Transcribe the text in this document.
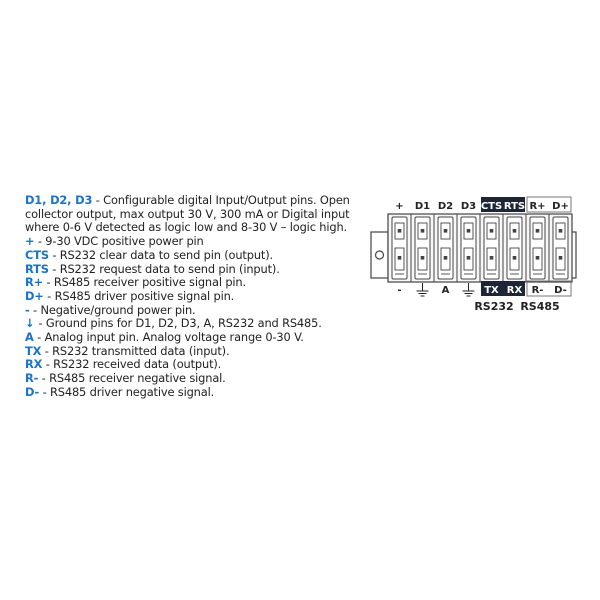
D1, D2, D3 - Configurable digital Input/Output pins. Open collector output, max output 30 V, 300 mA or Digital input where 0-6 V detected as logic low and 8-30 V – logic high.
+ - 9-30 VDC positive power pin
CTS - RS232 clear data to send pin (output).
RTS - RS232 request data to send pin (input).
R+ - RS485 receiver positive signal pin.
D+ - RS485 driver positive signal pin.
- - Negative/ground power pin.
↓ - Ground pins for D1, D2, D3, A, RS232 and RS485.
A - Analog input pin. Analog voltage range 0-30 V.
TX - RS232 transmitted data (input).
RX - RS232 received data (output).
R- - RS485 receiver negative signal.
D- - RS485 driver negative signal.
+ D1 D2 D3 CTS RTS R+ D+
-	A	TX RX R- D-
RS232 RS485
